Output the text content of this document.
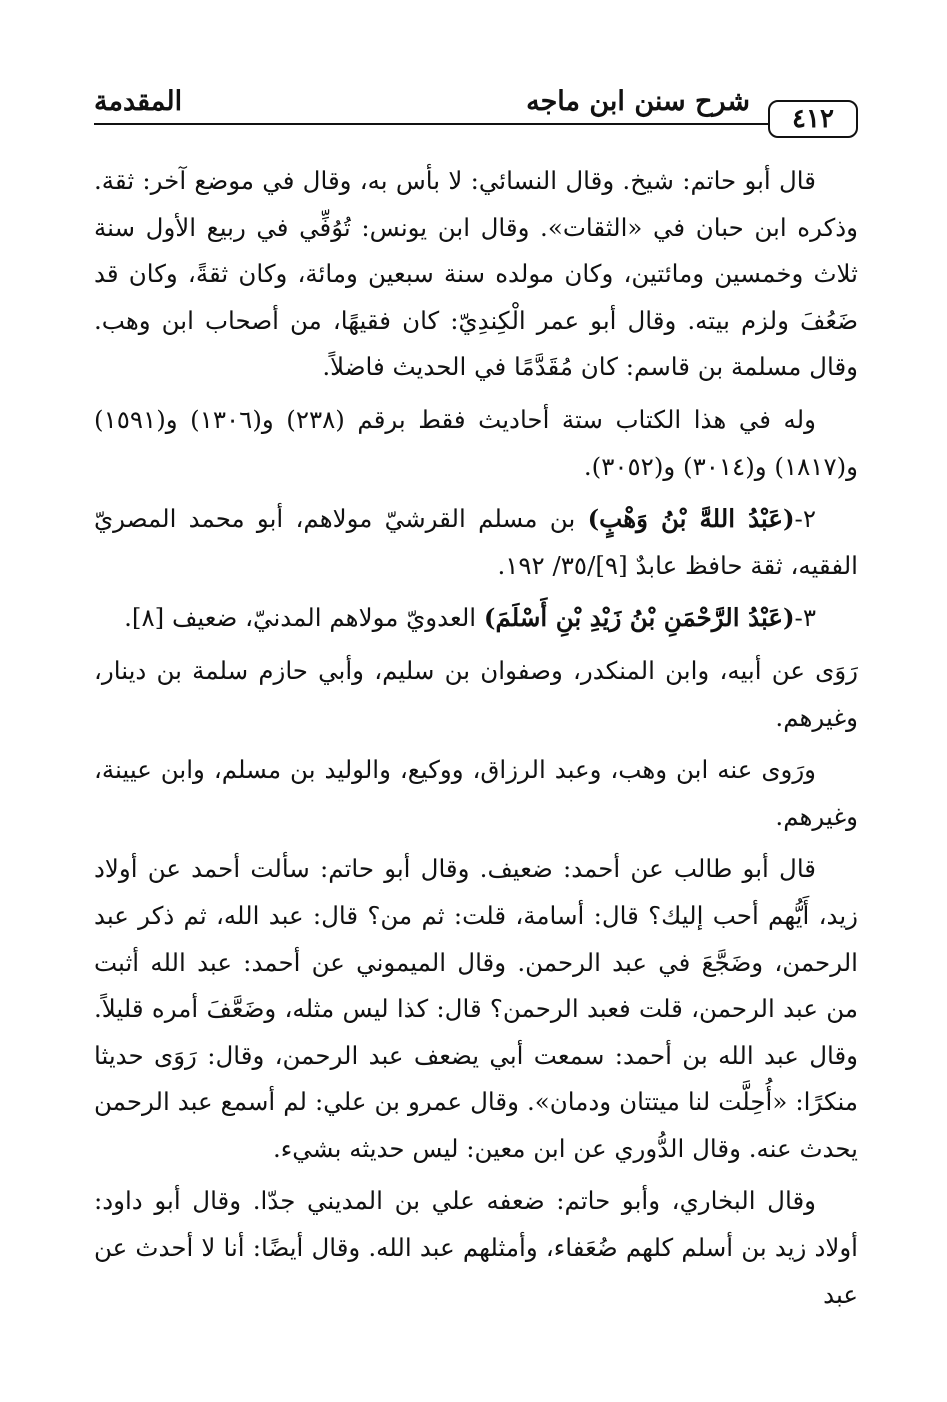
٤١٢
شرح سنن ابن ماجه
المقدمة

قال أبو حاتم: شيخ. وقال النسائي: لا بأس به، وقال في موضع آخر: ثقة. وذكره ابن حبان في «الثقات». وقال ابن يونس: تُوُفِّي في ربيع الأول سنة ثلاث وخمسين ومائتين، وكان مولده سنة سبعين ومائة، وكان ثقةً، وكان قد ضَعُفَ ولزم بيته. وقال أبو عمر الْكِندِيّ: كان فقيهًا، من أصحاب ابن وهب. وقال مسلمة بن قاسم: كان مُقَدَّمًا في الحديث فاضلاً.

وله في هذا الكتاب ستة أحاديث فقط برقم (٢٣٨) و(١٣٠٦) و(١٥٩١) و(١٨١٧) و(٣٠١٤) و(٣٠٥٢).

٢-(عَبْدُ اللهَّ بْنُ وَهْبٍ) بن مسلم القرشيّ مولاهم، أبو محمد المصريّ الفقيه، ثقة حافظ عابدٌ [٩]/٣٥/ ١٩٢.

٣-(عَبْدُ الرَّحْمَنِ بْنُ زَيْدِ بْنِ أَسْلَمَ) العدويّ مولاهم المدنيّ، ضعيف [٨].

رَوَى عن أبيه، وابن المنكدر، وصفوان بن سليم، وأبي حازم سلمة بن دينار، وغيرهم.

ورَوى عنه ابن وهب، وعبد الرزاق، ووكيع، والوليد بن مسلم، وابن عيينة، وغيرهم.

قال أبو طالب عن أحمد: ضعيف. وقال أبو حاتم: سألت أحمد عن أولاد زيد، أَيُّهم أحب إليك؟ قال: أسامة، قلت: ثم من؟ قال: عبد الله، ثم ذكر عبد الرحمن، وضَجَّعَ في عبد الرحمن. وقال الميموني عن أحمد: عبد الله أثبت من عبد الرحمن، قلت فعبد الرحمن؟ قال: كذا ليس مثله، وضَعَّفَ أمره قليلاً. وقال عبد الله بن أحمد: سمعت أبي يضعف عبد الرحمن، وقال: رَوَى حديثا منكرًا: «أُحِلَّت لنا ميتتان ودمان». وقال عمرو بن علي: لم أسمع عبد الرحمن يحدث عنه. وقال الدُّوري عن ابن معين: ليس حديثه بشيء.

وقال البخاري، وأبو حاتم: ضعفه علي بن المديني جدّا. وقال أبو داود: أولاد زيد بن أسلم كلهم ضُعَفاء، وأمثلهم عبد الله. وقال أيضًا: أنا لا أحدث عن عبد
